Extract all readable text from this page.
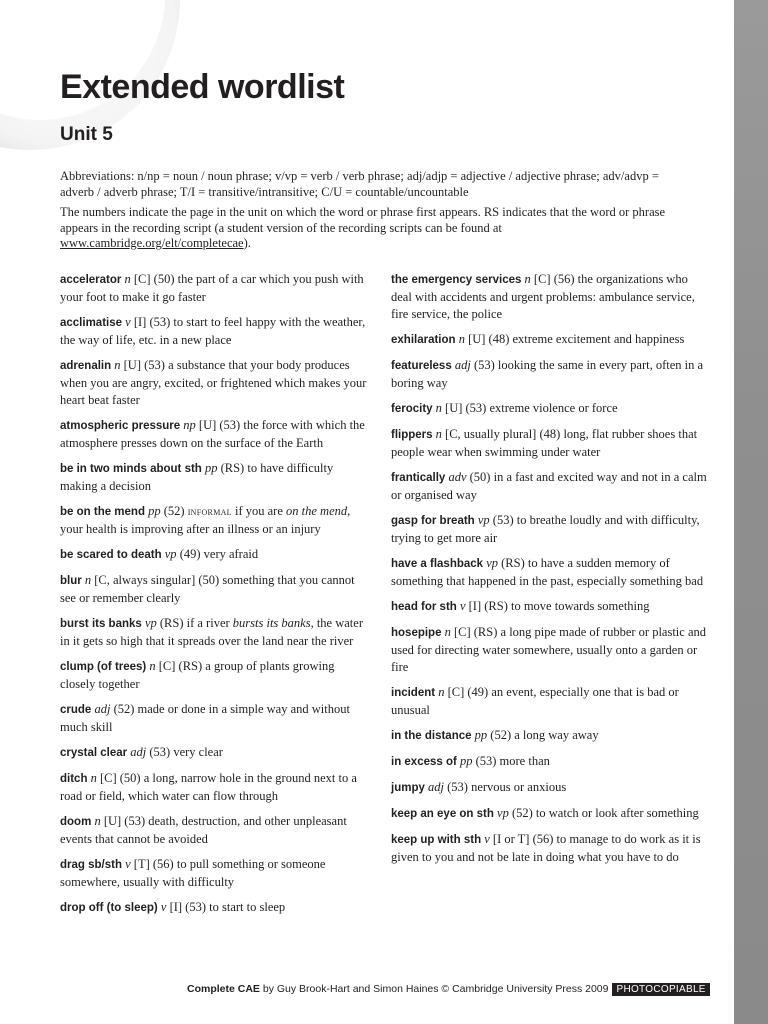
Extended wordlist
Unit 5

Abbreviations: n/np = noun / noun phrase; v/vp = verb / verb phrase; adj/adjp = adjective / adjective phrase; adv/advp = adverb / adverb phrase; T/I = transitive/intransitive; C/U = countable/uncountable

The numbers indicate the page in the unit on which the word or phrase first appears. RS indicates that the word or phrase appears in the recording script (a student version of the recording scripts can be found at www.cambridge.org/elt/completecae).

accelerator n [C] (50) the part of a car which you push with your foot to make it go faster

acclimatise v [I] (53) to start to feel happy with the weather, the way of life, etc. in a new place

adrenalin n [U] (53) a substance that your body produces when you are angry, excited, or frightened which makes your heart beat faster

atmospheric pressure np [U] (53) the force with which the atmosphere presses down on the surface of the Earth

be in two minds about sth pp (RS) to have difficulty making a decision

be on the mend pp (52) informal if you are on the mend, your health is improving after an illness or an injury

be scared to death vp (49) very afraid

blur n [C, always singular] (50) something that you cannot see or remember clearly

burst its banks vp (RS) if a river bursts its banks, the water in it gets so high that it spreads over the land near the river

clump (of trees) n [C] (RS) a group of plants growing closely together

crude adj (52) made or done in a simple way and without much skill

crystal clear adj (53) very clear

ditch n [C] (50) a long, narrow hole in the ground next to a road or field, which water can flow through

doom n [U] (53) death, destruction, and other unpleasant events that cannot be avoided

drag sb/sth v [T] (56) to pull something or someone somewhere, usually with difficulty

drop off (to sleep) v [I] (53) to start to sleep

the emergency services n [C] (56) the organizations who deal with accidents and urgent problems: ambulance service, fire service, the police

exhilaration n [U] (48) extreme excitement and happiness

featureless adj (53) looking the same in every part, often in a boring way

ferocity n [U] (53) extreme violence or force

flippers n [C, usually plural] (48) long, flat rubber shoes that people wear when swimming under water

frantically adv (50) in a fast and excited way and not in a calm or organised way

gasp for breath vp (53) to breathe loudly and with difficulty, trying to get more air

have a flashback vp (RS) to have a sudden memory of something that happened in the past, especially something bad

head for sth v [I] (RS) to move towards something

hosepipe n [C] (RS) a long pipe made of rubber or plastic and used for directing water somewhere, usually onto a garden or fire

incident n [C] (49) an event, especially one that is bad or unusual

in the distance pp (52) a long way away

in excess of pp (53) more than

jumpy adj (53) nervous or anxious

keep an eye on sth vp (52) to watch or look after something

keep up with sth v [I or T] (56) to manage to do work as it is given to you and not be late in doing what you have to do

Complete CAE by Guy Brook-Hart and Simon Haines © Cambridge University Press 2009 PHOTOCOPIABLE
